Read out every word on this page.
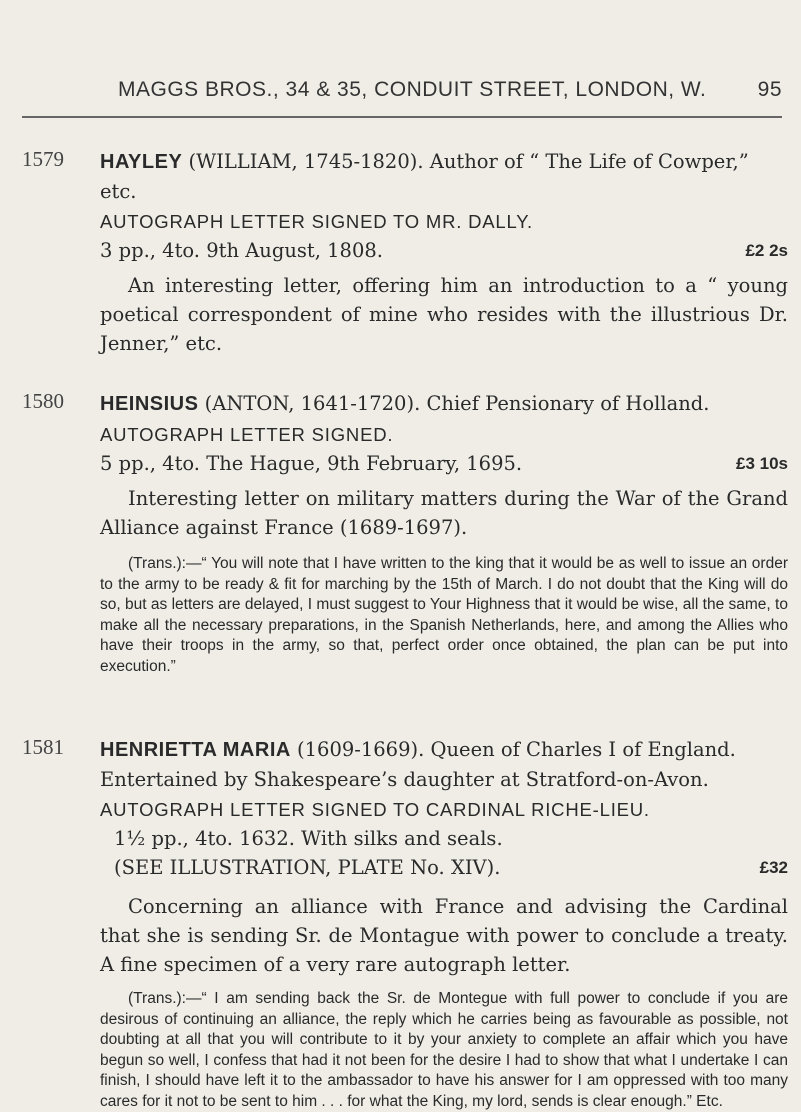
MAGGS BROS., 34 & 35, CONDUIT STREET, LONDON, W. 95
1579 HAYLEY (WILLIAM, 1745-1820). Author of “ The Life of Cowper,”

etc.

AUTOGRAPH LETTER SIGNED TO MR. DALLY.

3 pp., 4to. 9th August, 1808.	£2 2s

An interesting letter, offering him an introduction to a “ young poetical correspondent of mine who resides with the illustrious Dr. Jenner,” etc.

1580 HEINSIUS (ANTON, 1641-1720). Chief Pensionary of Holland.

AUTOGRAPH LETTER SIGNED.

5 pp., 4to. The Hague, 9th February, 1695.	£3 10s

Interesting letter on military matters during the War of the Grand Alliance against France (1689-1697).

(Trans.):—“ You will note that I have written to the king that it would be as well to issue an order to the army to be ready & fit for marching by the 15th of March. I do not doubt that the King will do so, but as letters are delayed, I must suggest to Your Highness that it would be wise, all the same, to make all the necessary preparations, in the Spanish Netherlands, here, and among the Allies who have their troops in the army, so that, perfect order once obtained, the plan can be put into execution.”

1581 HENRIETTA MARIA (1609-1669). Queen of Charles I of England.

Entertained by Shakespeare’s daughter at Stratford-on-Avon.

AUTOGRAPH LETTER SIGNED TO CARDINAL RICHE-LIEU.

1½ pp., 4to. 1632. With silks and seals.

(SEE ILLUSTRATION, PLATE No. XIV).	£32

Concerning an alliance with France and advising the Cardinal that she is sending Sr. de Montague with power to conclude a treaty. A fine specimen of a very rare autograph letter.

(Trans.):—“ I am sending back the Sr. de Montegue with full power to conclude if you are desirous of continuing an alliance, the reply which he carries being as favourable as possible, not doubting at all that you will contribute to it by your anxiety to complete an affair which you have begun so well, I confess that had it not been for the desire I had to show that what I undertake I can finish, I should have left it to the ambassador to have his answer for I am oppressed with too many cares for it not to be sent to him . . . for what the King, my lord, sends is clear enough.” Etc.
